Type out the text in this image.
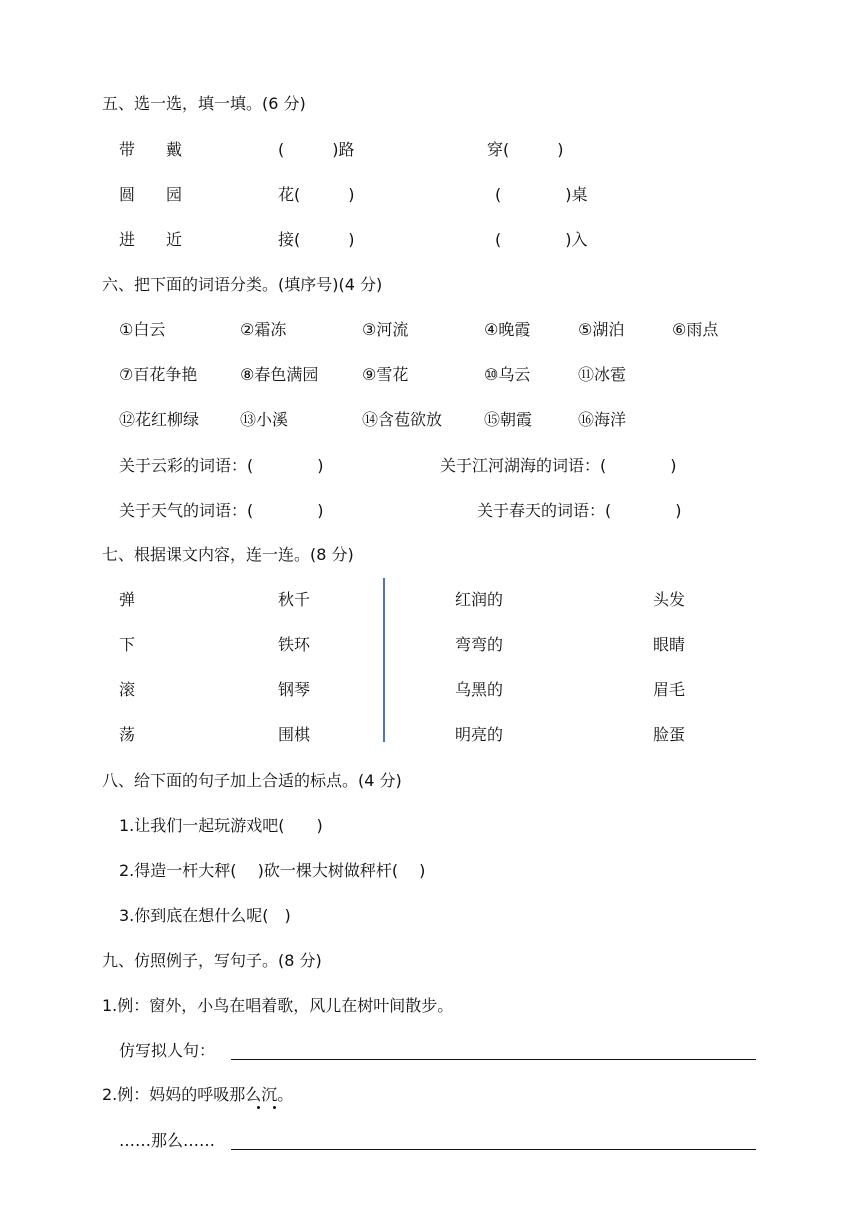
五、选一选，填一填。(6 分)
带 戴	(   )路	穿(   )
圆 园	花(   )	(    )桌
进 近	接(   )	(    )入
六、把下面的词语分类。(填序号)(4 分)
①白云	②霜冻	③河流	④晚霞	⑤湖泊	⑥雨点
⑦百花争艳	⑧春色满园	⑨雪花	⑩乌云	⑪冰雹
⑫花红柳绿	⑬小溪	⑭含苞欲放	⑮朝霞	⑯海洋
关于云彩的词语：(    )	关于江河湖海的词语：(    )
关于天气的词语：(    )	关于春天的词语：(    )
七、根据课文内容，连一连。(8 分)
弹	秋千	红润的	头发
下	铁环	弯弯的	眼睛
滚	钢琴	乌黑的	眉毛
荡	围棋	明亮的	脸蛋
八、给下面的句子加上合适的标点。(4 分)
1.让我们一起玩游戏吧(  )
2.得造一杆大秤(  )砍一棵大树做秤杆(  )
3.你到底在想什么呢( )
九、仿照例子，写句子。(8 分)
1.例：窗外，小鸟在唱着歌，风儿在树叶间散步。
仿写拟人句：
2.例：妈妈的呼吸那么沉。
……那么……
